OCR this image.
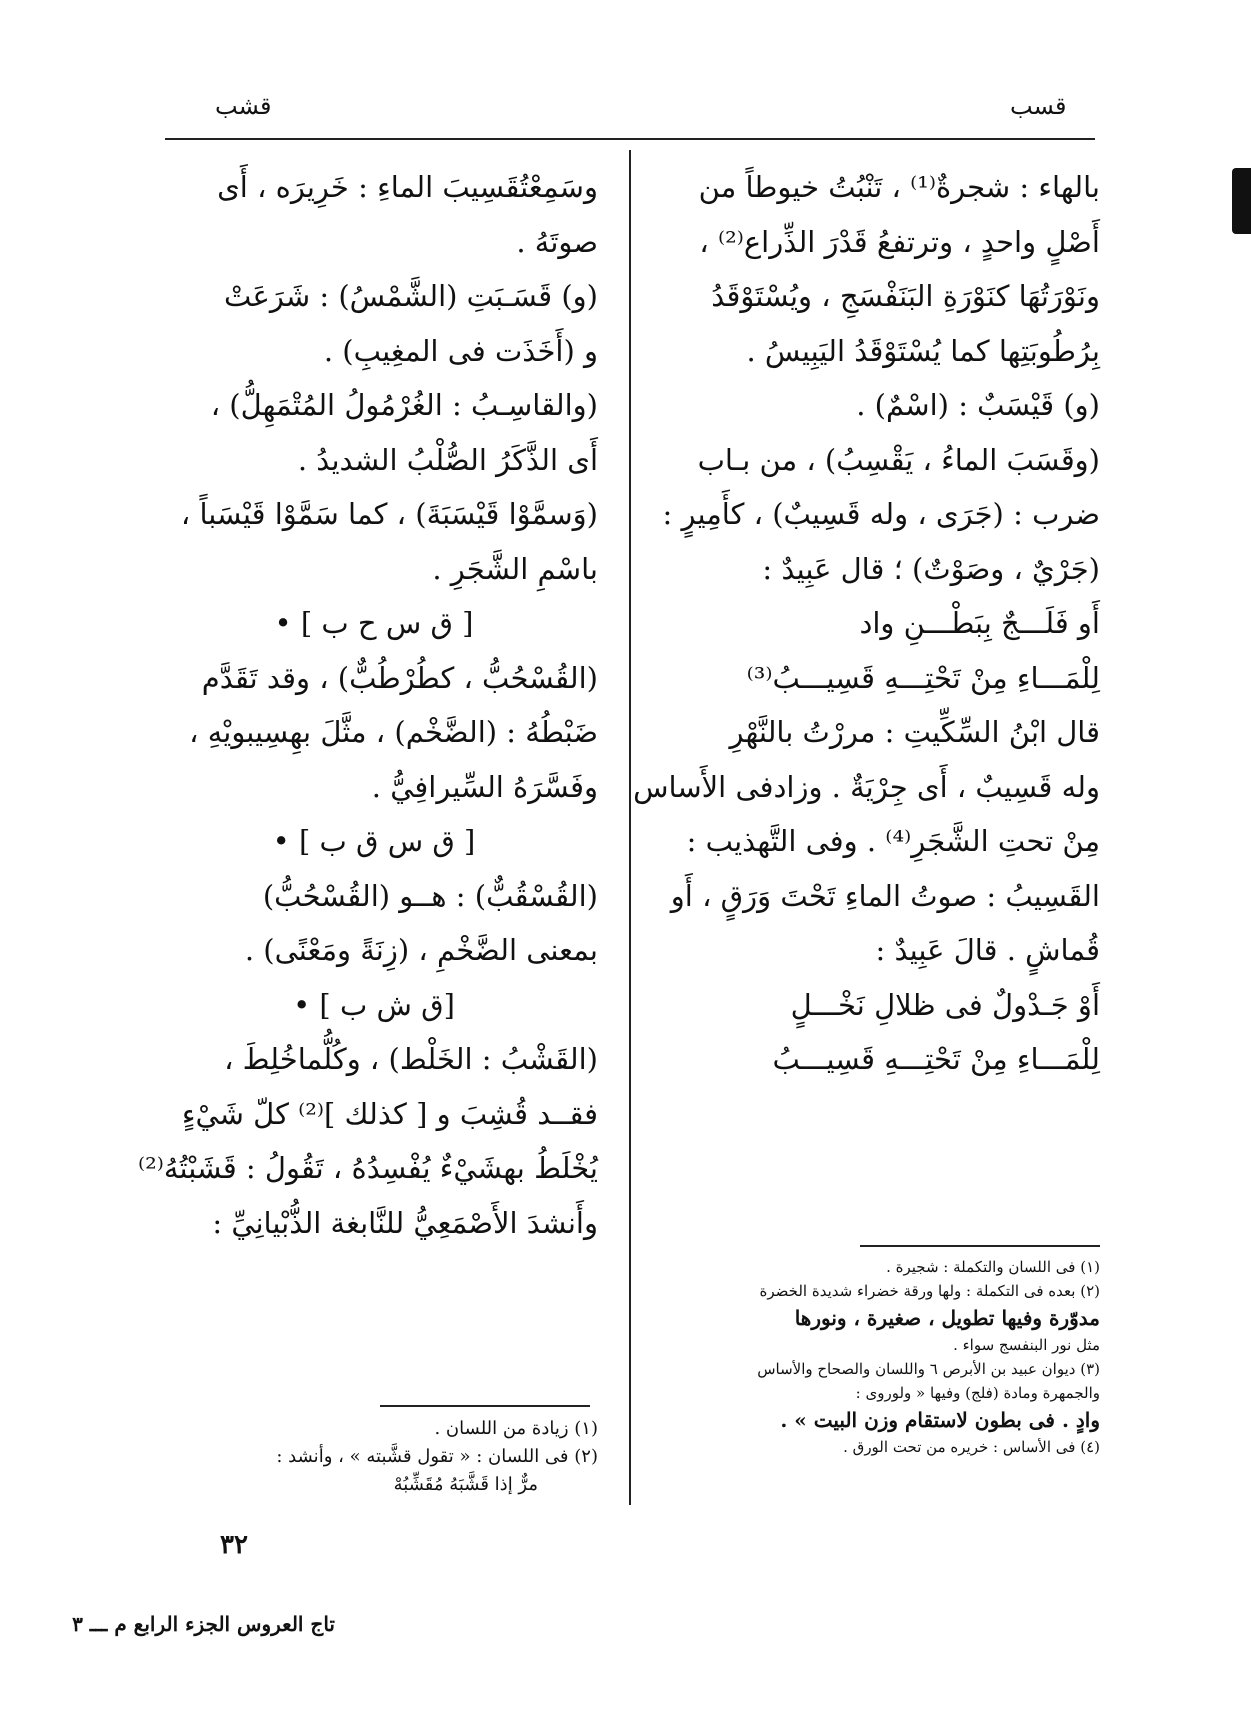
قسب
قشب
بالهاء : شجرةٌ⁽¹⁾ ، تَنْبُتُ خيوطاً من
أَصْلٍ واحدٍ ، وترتفعُ قَدْرَ الذِّراع⁽²⁾ ،
ونَوْرَتُهَا كنَوْرَةِ البَنَفْسَجِ ، ويُسْتَوْقَدُ
بِرُطُوبَتِها كما يُسْتَوْقَدُ اليَبِيسُ .
(و) قَيْسَبٌ : (اسْمٌ) .
(وقَسَبَ الماءُ ، يَقْسِبُ) ، من بـاب
ضرب : (جَرَى ، وله قَسِيبٌ) ، كأَمِيرٍ :
(جَرْيٌ ، وصَوْتٌ) ؛ قال عَبِيدٌ :
أَو فَلَـــجٌ بِبَطْـــنِ واد
لِلْمَـــاءِ مِنْ تَحْتِـــهِ قَسِيـــبُ⁽³⁾
قال ابْنُ السِّكِّيتِ : مررْتُ بالنَّهْرِ
وله قَسِيبٌ ، أَى جِرْيَةٌ . وزادفى الأَساس
مِنْ تحتِ الشَّجَرِ⁽⁴⁾ . وفى التَّهذيب :
القَسِيبُ : صوتُ الماءِ تَحْتَ وَرَقٍ ، أَو
قُماشٍ . قالَ عَبِيدٌ :
أَوْ جَـدْولٌ فى ظلالِ نَخْـــلٍ
لِلْمَـــاءِ مِنْ تَحْتِـــهِ قَسِيـــبُ
(١) فى اللسان والتكملة : شجيرة .
(٢) بعده فى التكملة : ولها ورقة خضراء شديدة الخضرة
مدوّرة وفيها تطويل ، صغيرة ، ونورها
مثل نور البنفسج سواء .
(٣) ديوان عبيد بن الأبرص ٦ واللسان والصحاح والأساس
والجمهرة ومادة (فلج) وفيها « ولوروى :
وادٍ . فى بطون لاستقام وزن البيت » .
(٤) فى الأساس : خريره من تحت الورق .
وسَمِعْتُقَسِيبَ الماءِ : خَرِيرَه ، أَى
صوتَهُ .
(و) قَسَـبَتِ (الشَّمْسُ) : شَرَعَتْ
و (أَخَذَت فى المغِيبِ) .
(والقاسِـبُ : الغُرْمُولُ المُتْمَهِلُّ) ،
أَى الذَّكَرُ الصُّلْبُ الشديدُ .
(وَسمَّوْا قَيْسَبَةَ) ، كما سَمَّوْا قَيْسَباً ،
باسْمِ الشَّجَرِ .
[ ق س ح ب ] •
(القُسْحُبُّ ، كطُرْطُبٌّ) ، وقد تَقَدَّم
ضَبْطُهُ : (الضَّخْم) ، مثَّلَ بهِسِيبويْهِ ،
وفَسَّرَهُ السِّيرافِيُّ .
[ ق س ق ب ] •
(القُسْقُبٌّ) : هــو (القُسْحُبُّ)
بمعنى الضَّخْمِ ، (زِنَةً ومَعْنًى) .
[ق ش ب ] •
(القَشْبُ : الخَلْط) ، وكُلُّماخُلِطَ ،
فقــد قُشِبَ و [ كذلك ]⁽²⁾ كلّ شَيْءٍ
يُخْلَطُ بهشَيْءٌ يُفْسِدُهُ ، تَقُولُ : قَشَبْتُهُ⁽²⁾
وأَنشدَ الأَصْمَعِيُّ للنَّابغة الذُّبْيانِيِّ :
(١) زيادة من اللسان .
(٢) فى اللسان : « تقول قشَّبته » ، وأنشد :
مرٌّ إذا قَشَّبَهُ مُقَشِّبُهْ
٣٢
تاج العروس الجزء الرابع م ـــ ٣
